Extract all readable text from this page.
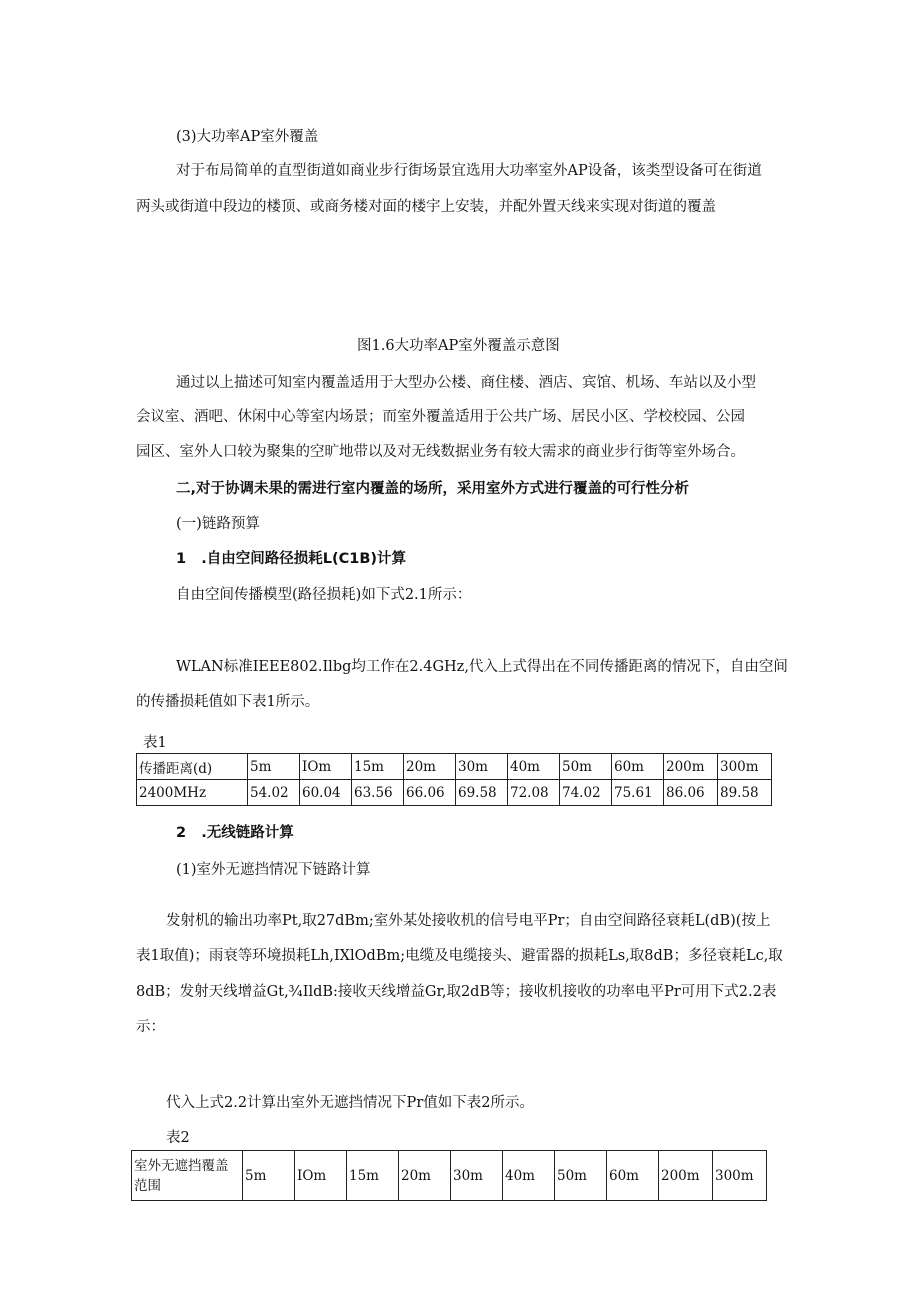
(3)大功率AP室外覆盖
对于布局简单的直型街道如商业步行街场景宜选用大功率室外AP设备，该类型设备可在街道
两头或街道中段边的楼顶、或商务楼对面的楼宇上安装，并配外置天线来实现对街道的覆盖
图1.6大功率AP室外覆盖示意图
通过以上描述可知室内覆盖适用于大型办公楼、商住楼、酒店、宾馆、机场、车站以及小型
会议室、酒吧、休闲中心等室内场景；而室外覆盖适用于公共广场、居民小区、学校校园、公园
园区、室外人口较为聚集的空旷地带以及对无线数据业务有较大需求的商业步行街等室外场合。
二,对于协调未果的需进行室内覆盖的场所，采用室外方式进行覆盖的可行性分析
(一)链路预算
1   .自由空间路径损耗L(C1B)计算
自由空间传播模型(路径损耗)如下式2.1所示：
WLAN标准IEEE802.Ilbg均工作在2.4GHz,代入上式得出在不同传播距离的情况下，自由空间
的传播损耗值如下表1所示。
表1
传播距离(d)	5m	IOm	15m	20m	30m	40m	50m	60m	200m	300m
2400MHz	54.02	60.04	63.56	66.06	69.58	72.08	74.02	75.61	86.06	89.58
2   .无线链路计算
(1)室外无遮挡情况下链路计算
发射机的输出功率Pt,取27dBm;室外某处接收机的信号电平Pr；自由空间路径衰耗L(dB)(按上
表1取值)；雨衰等环境损耗Lh,IXlOdBm;电缆及电缆接头、避雷器的损耗Ls,取8dB；多径衰耗Lc,取
8dB；发射天线增益Gt,¾IldB:接收天线增益Gr,取2dB等；接收机接收的功率电平Pr可用下式2.2表
示：
代入上式2.2计算出室外无遮挡情况下Pr值如下表2所示。
表2
室外无遮挡覆盖范围	5m	IOm	15m	20m	30m	40m	50m	60m	200m	300m
